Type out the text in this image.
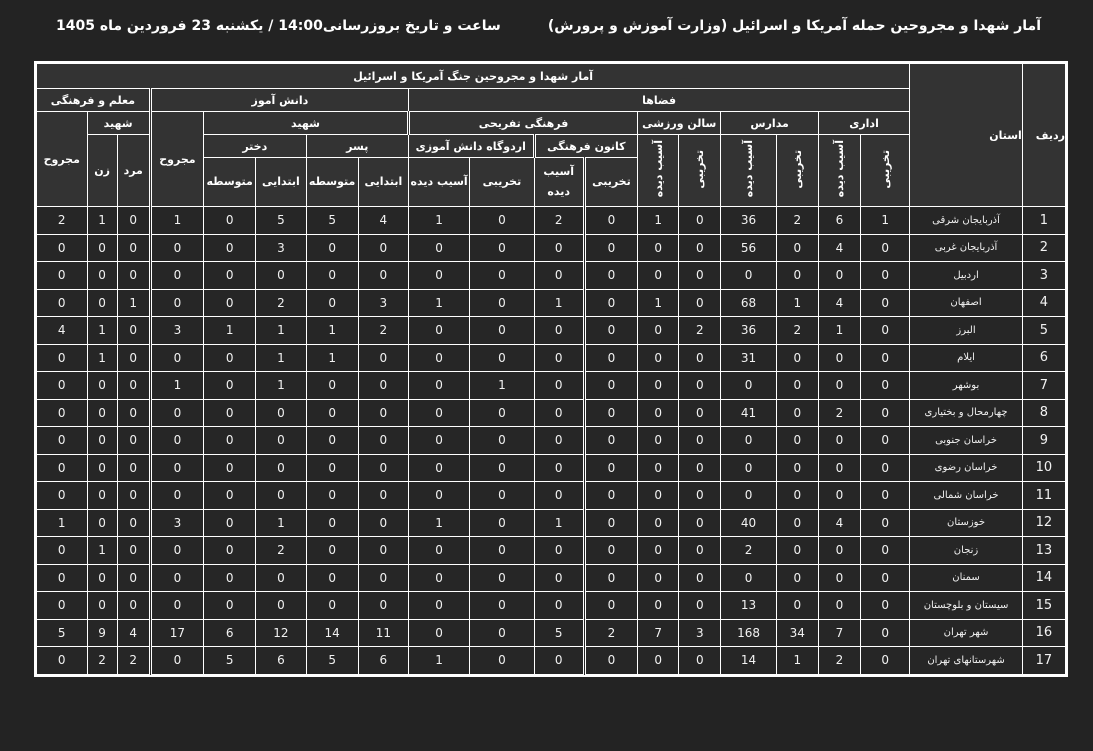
آمار شهدا و مجروحین حمله آمریکا و اسرائیل (وزارت آموزش و پرورش)
ساعت و تاریخ بروزرسانی14:00 / یکشنبه 23 فروردین ماه 1405
ردیف	استان	آمار شهدا و مجروحین جنگ آمریکا و اسرائیل																	
		فضاها										دانش آموز					معلم و فرهنگی		
		اداری		مدارس		سالن ورزشی		فرهنگی تفریحی				شهید				مجروح	شهید		مجروح
		تخریبی	آسیب دیده	تخریبی	آسیب دیده	تخریبی	آسیب دیده	کانون فرهنگی		اردوگاه دانش آموزی		پسر		دختر			مرد	زن	
								تخریبی	آسیب دیده	تخریبی	آسیب دیده	ابتدایی	متوسطه	ابتدایی	متوسطه				
1	آذربایجان شرقی	1	6	2	36	0	1	0	2	0	1	4	5	5	0	1	0	1	2
2	آذربایجان غربی	0	4	0	56	0	0	0	0	0	0	0	0	3	0	0	0	0	0
3	اردبیل	0	0	0	0	0	0	0	0	0	0	0	0	0	0	0	0	0	0
4	اصفهان	0	4	1	68	0	1	0	1	0	1	3	0	2	0	0	1	0	0
5	البرز	0	1	2	36	2	0	0	0	0	0	2	1	1	1	3	0	1	4
6	ایلام	0	0	0	31	0	0	0	0	0	0	0	1	1	0	0	0	1	0
7	بوشهر	0	0	0	0	0	0	0	0	1	0	0	0	1	0	1	0	0	0
8	چهارمحال و بختیاری	0	2	0	41	0	0	0	0	0	0	0	0	0	0	0	0	0	0
9	خراسان جنوبی	0	0	0	0	0	0	0	0	0	0	0	0	0	0	0	0	0	0
10	خراسان رضوی	0	0	0	0	0	0	0	0	0	0	0	0	0	0	0	0	0	0
11	خراسان شمالی	0	0	0	0	0	0	0	0	0	0	0	0	0	0	0	0	0	0
12	خوزستان	0	4	0	40	0	0	0	1	0	1	0	0	1	0	3	0	0	1
13	زنجان	0	0	0	2	0	0	0	0	0	0	0	0	2	0	0	0	1	0
14	سمنان	0	0	0	0	0	0	0	0	0	0	0	0	0	0	0	0	0	0
15	سیستان و بلوچستان	0	0	0	13	0	0	0	0	0	0	0	0	0	0	0	0	0	0
16	شهر تهران	0	7	34	168	3	7	2	5	0	0	11	14	12	6	17	4	9	5
17	شهرستانهای تهران	0	2	1	14	0	0	0	0	0	1	6	5	6	5	0	2	2	0
